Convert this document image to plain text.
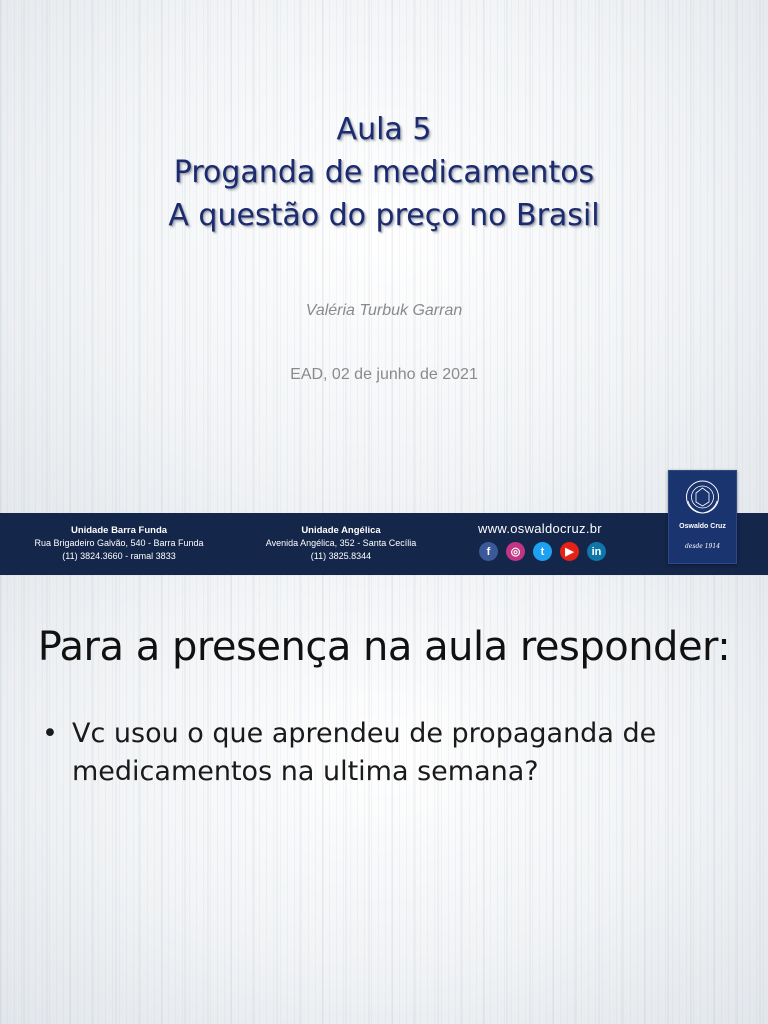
Aula 5
Proganda de medicamentos
A questão do preço no Brasil
Valéria Turbuk Garran
EAD, 02 de junho de 2021
Unidade Barra Funda
Rua Brigadeiro Galvão, 540 - Barra Funda
(11) 3824.3660 - ramal 3833
Unidade Angélica
Avenida Angélica, 352 - Santa Cecília
(11) 3825.8344
www.oswaldocruz.br
f	◎	t	▶	in
Oswaldo Cruz
desde 1914
Para a presença na aula responder:
• Vc usou o que aprendeu de propaganda de medicamentos na ultima semana?
